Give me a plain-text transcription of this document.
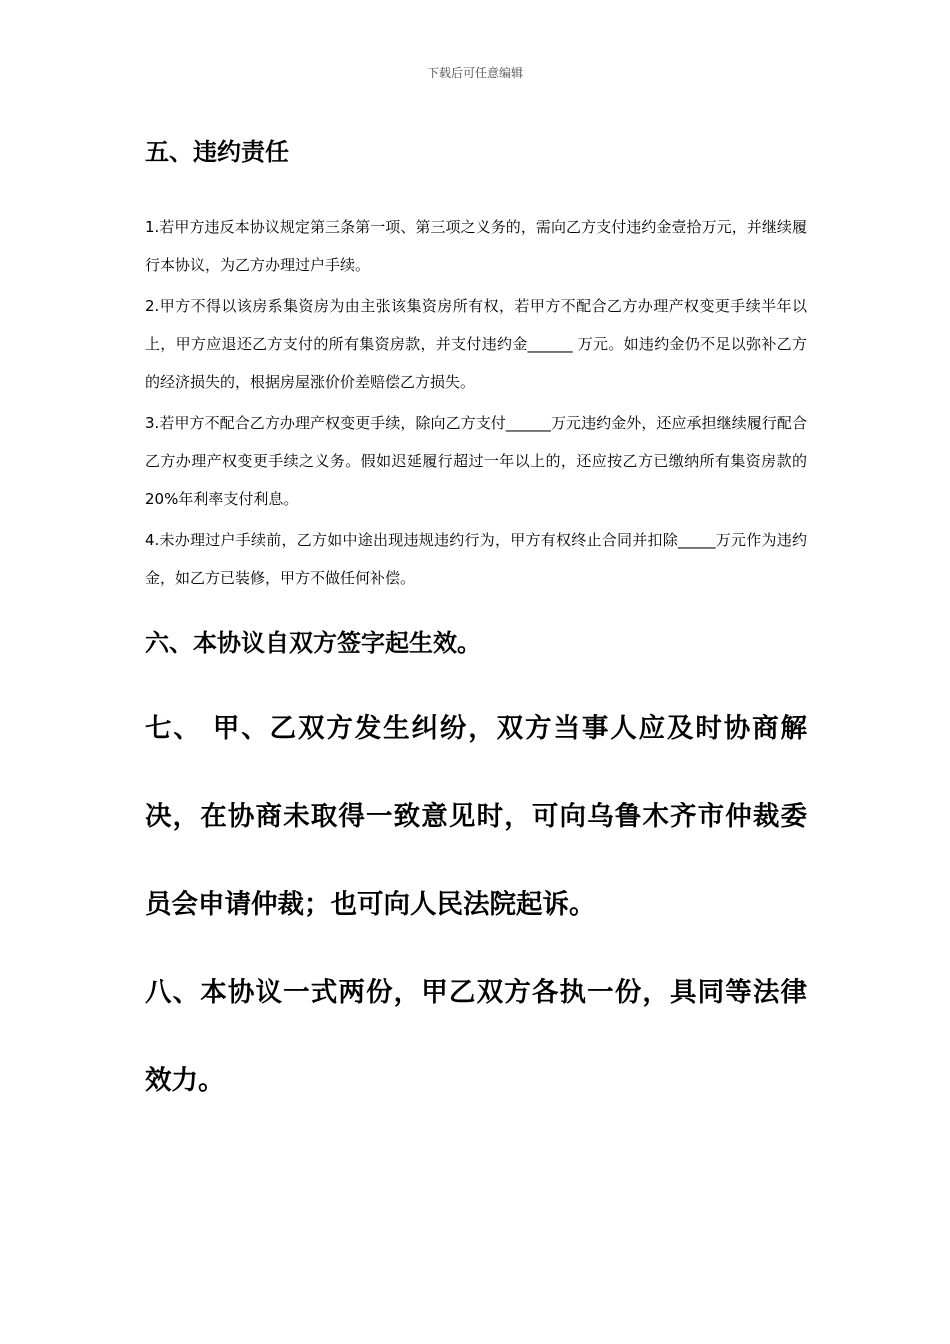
下载后可任意编辑
五、违约责任

1.若甲方违反本协议规定第三条第一项、第三项之义务的，需向乙方支付违约金壹拾万元，并继续履行本协议，为乙方办理过户手续。

2.甲方不得以该房系集资房为由主张该集资房所有权，若甲方不配合乙方办理产权变更手续半年以上，甲方应退还乙方支付的所有集资房款，并支付违约金______ 万元。如违约金仍不足以弥补乙方的经济损失的，根据房屋涨价价差赔偿乙方损失。

3.若甲方不配合乙方办理产权变更手续，除向乙方支付______万元违约金外，还应承担继续履行配合乙方办理产权变更手续之义务。假如迟延履行超过一年以上的，还应按乙方已缴纳所有集资房款的 20%年利率支付利息。

4.未办理过户手续前，乙方如中途出现违规违约行为，甲方有权终止合同并扣除_____万元作为违约金，如乙方已装修，甲方不做任何补偿。

六、本协议自双方签字起生效。

七、 甲、乙双方发生纠纷，双方当事人应及时协商解决，在协商未取得一致意见时，可向乌鲁木齐市仲裁委员会申请仲裁；也可向人民法院起诉。

八、本协议一式两份，甲乙双方各执一份，具同等法律效力。
